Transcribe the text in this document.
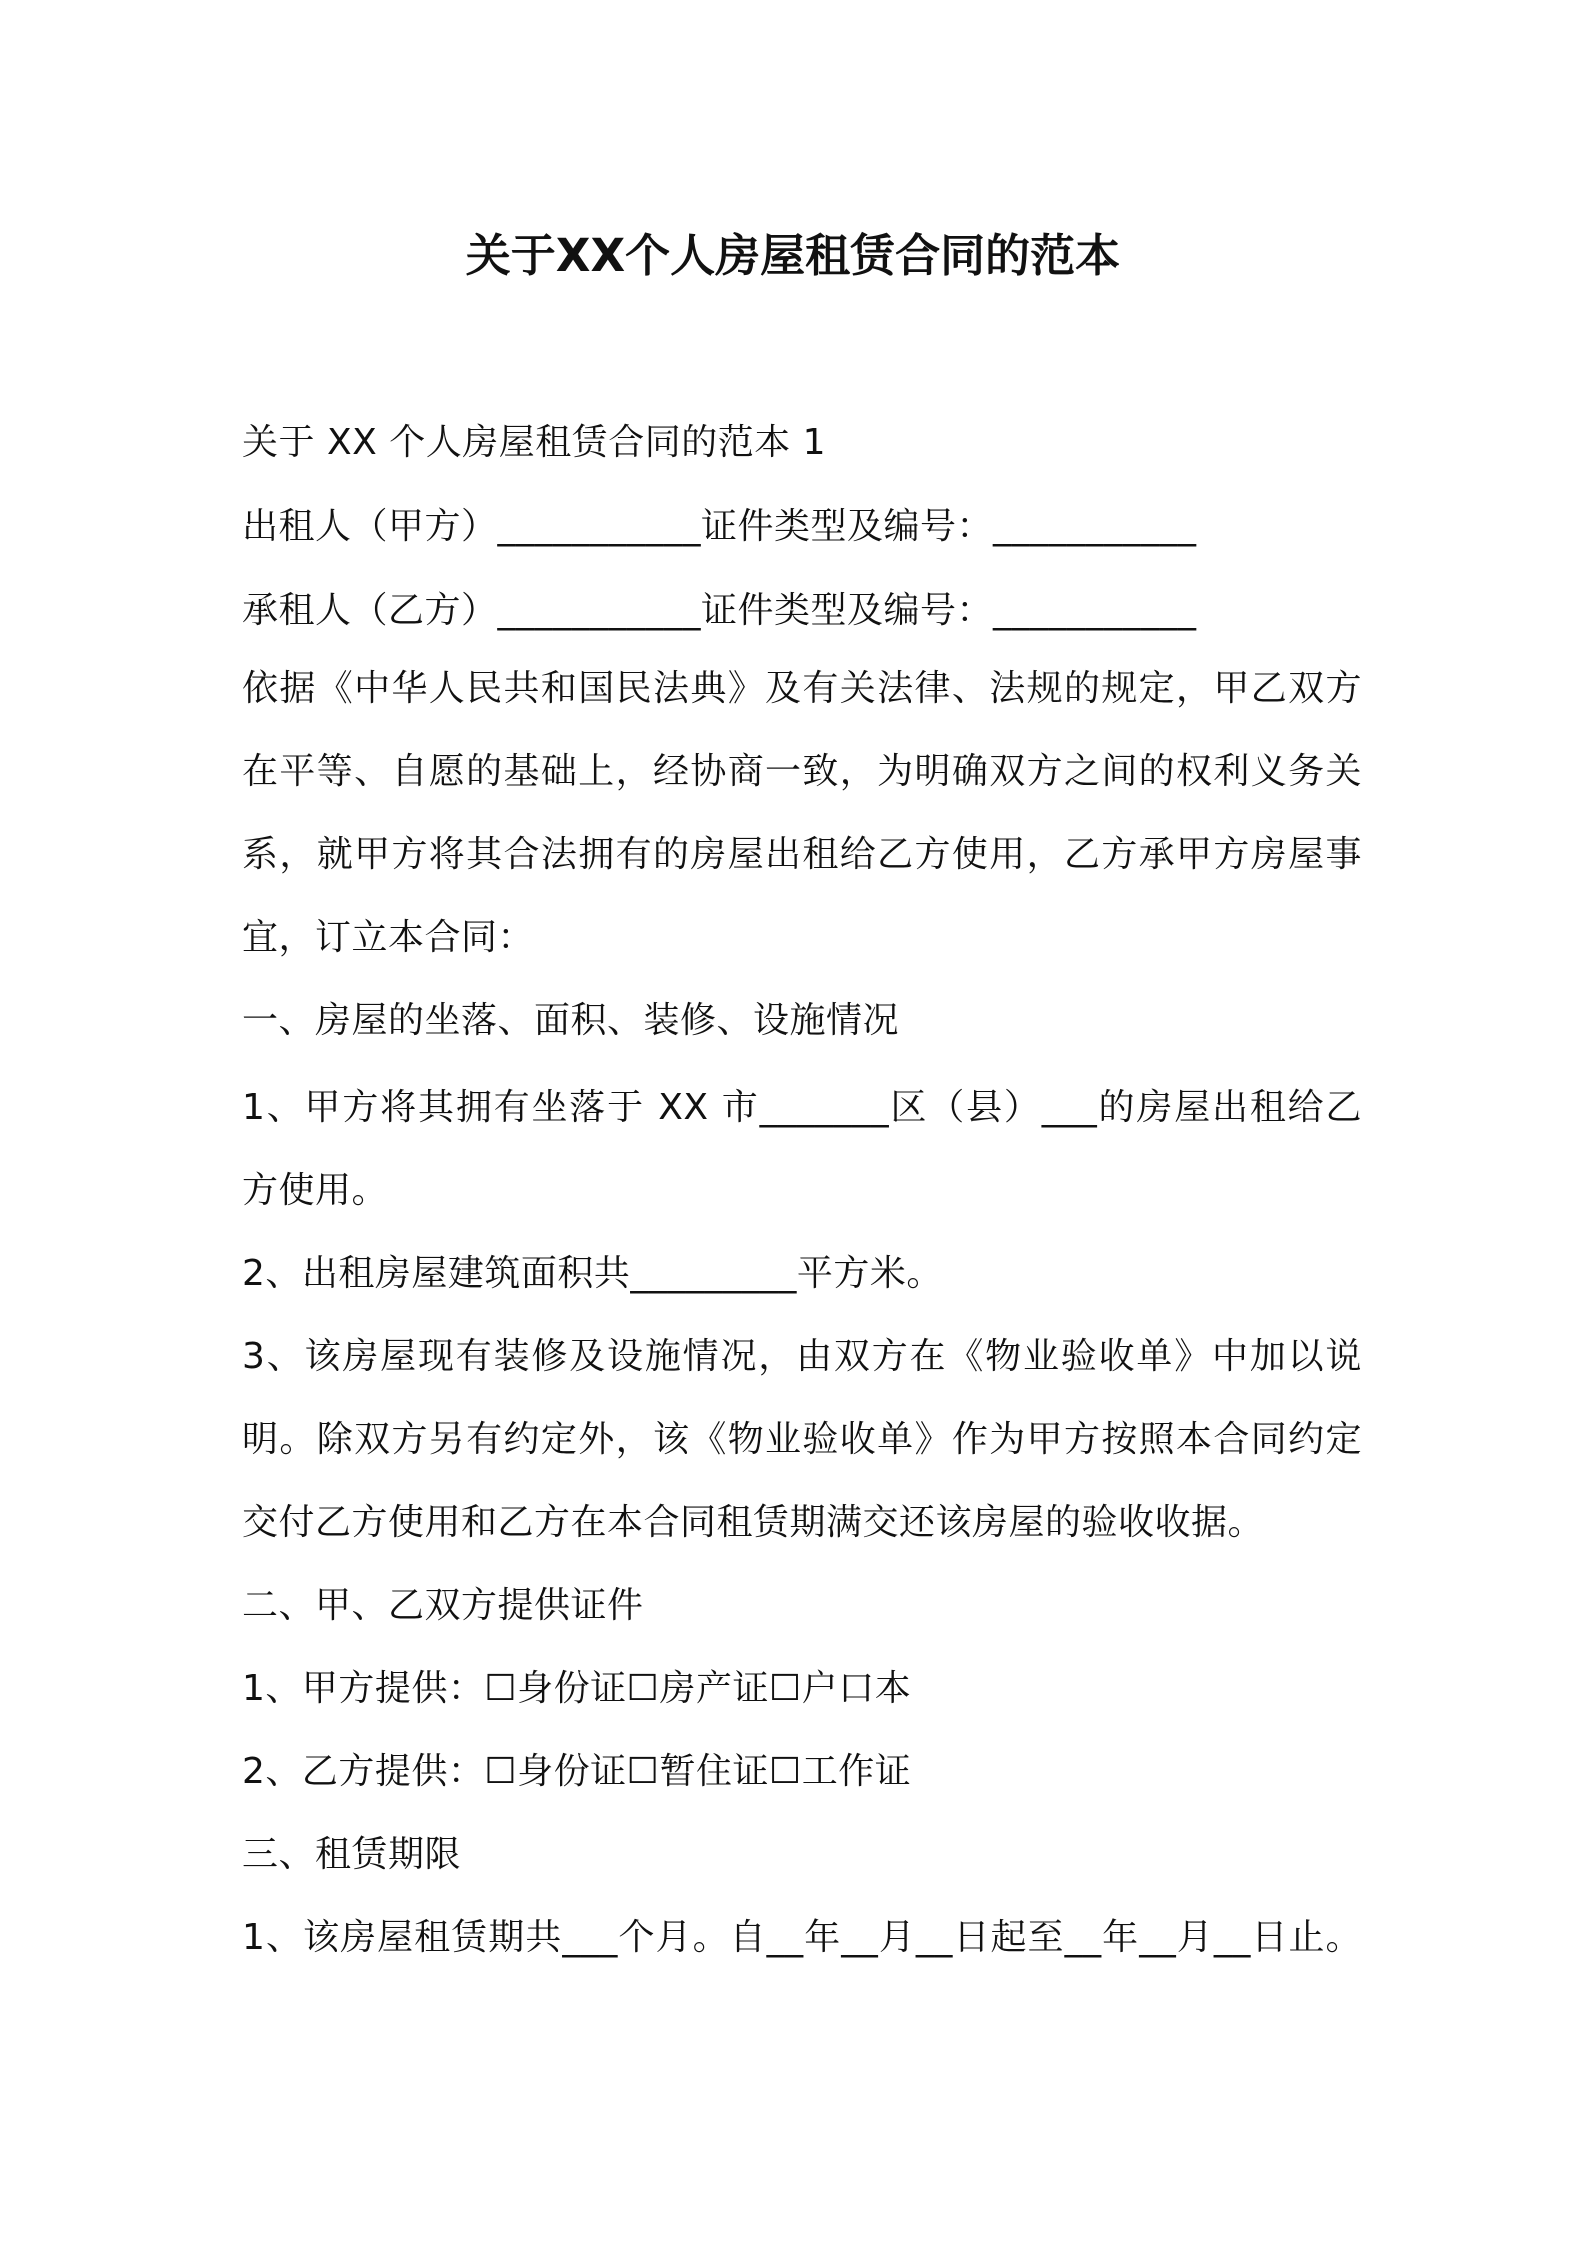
关于XX个人房屋租赁合同的范本
关于 XX 个人房屋租赁合同的范本 1
出租人（甲方）___________证件类型及编号：___________
承租人（乙方）___________证件类型及编号：___________
依据《中华人民共和国民法典》及有关法律、法规的规定，甲乙双方
在平等、自愿的基础上，经协商一致，为明确双方之间的权利义务关
系，就甲方将其合法拥有的房屋出租给乙方使用，乙方承甲方房屋事
宜，订立本合同：
一、房屋的坐落、面积、装修、设施情况
1、甲方将其拥有坐落于 XX 市_______区（县）___的房屋出租给乙
方使用。
2、出租房屋建筑面积共_________平方米。
3、该房屋现有装修及设施情况，由双方在《物业验收单》中加以说
明。除双方另有约定外，该《物业验收单》作为甲方按照本合同约定
交付乙方使用和乙方在本合同租赁期满交还该房屋的验收收据。
二、甲、乙双方提供证件
1、甲方提供：☐身份证☐房产证☐户口本
2、乙方提供：☐身份证☐暂住证☐工作证
三、租赁期限
1、该房屋租赁期共___个月。自__年__月__日起至__年__月__日止。
